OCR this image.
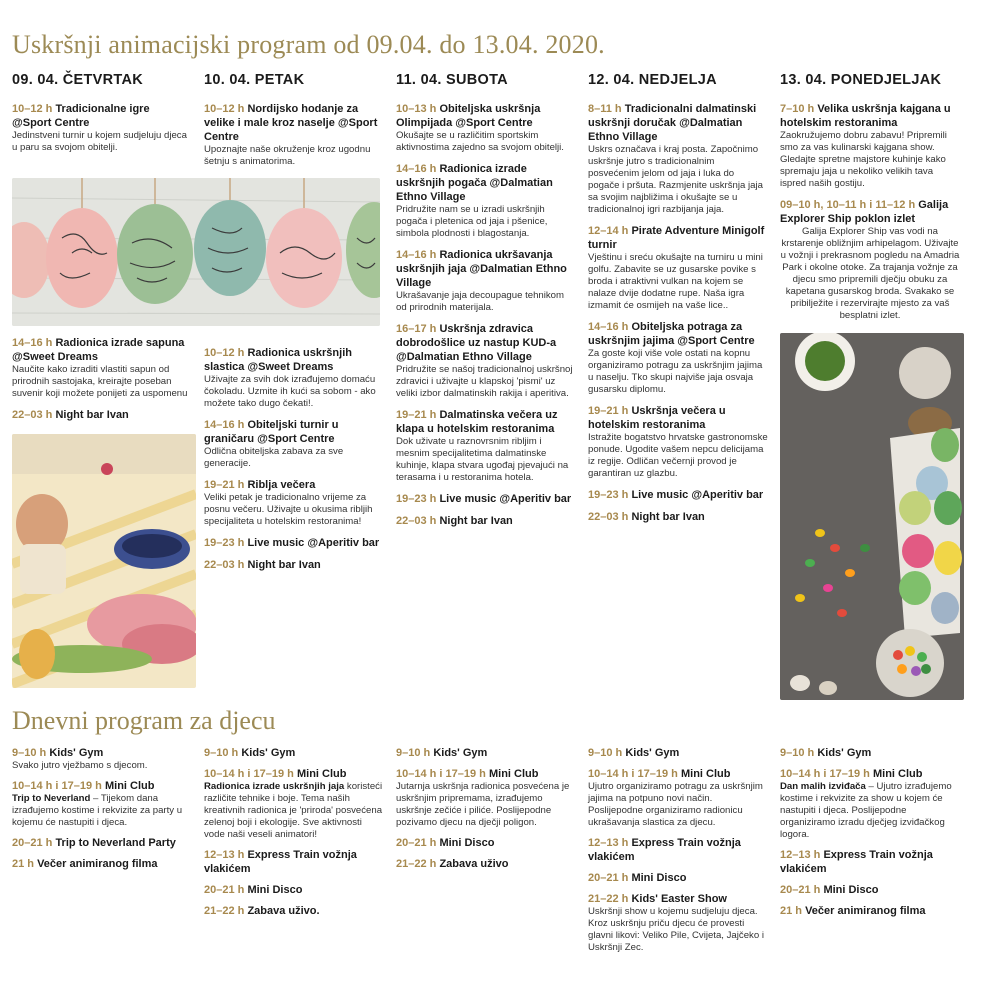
Uskršnji animacijski program od 09.04. do 13.04. 2020.
09. 04. ČETVRTAK
10–12 h Tradicionalne igre @Sport Centre
Jedinstveni turnir u kojem sudjeluju djeca u paru sa svojom obitelji.
14–16 h Radionica izrade sapuna @Sweet Dreams
Naučite kako izraditi vlastiti sapun od prirodnih sastojaka, kreirajte poseban suvenir koji možete ponijeti za uspomenu
22–03 h Night bar Ivan
10. 04. PETAK
10–12 h Nordijsko hodanje za velike i male kroz naselje @Sport Centre
Upoznajte naše okruženje kroz ugodnu šetnju s animatorima.
10–12 h Radionica uskršnjih slastica @Sweet Dreams
Uživajte za svih dok izrađujemo domaću čokoladu. Uzmite ih kući sa sobom - ako možete tako dugo čekati!.
14–16 h Obiteljski turnir u graničaru @Sport Centre
Odlična obiteljska zabava za sve generacije.
19–21 h Riblja večera
Veliki petak je tradicionalno vrijeme za posnu večeru. Uživajte u okusima ribljih specijaliteta u hotelskim restoranima!
19–23 h Live music @Aperitiv bar
22–03 h Night bar Ivan
11. 04. SUBOTA
10–13 h Obiteljska uskršnja Olimpijada @Sport Centre
Okušajte se u različitim sportskim aktivnostima zajedno sa svojom obitelji.
14–16 h Radionica izrade uskršnjih pogača @Dalmatian Ethno Village
Pridružite nam se u izradi uskršnjih pogača i pletenica od jaja i pšenice, simbola plodnosti i blagostanja.
14–16 h Radionica ukršavanja uskršnjih jaja @Dalmatian Ethno Village
Ukrašavanje jaja decoupague tehnikom od prirodnih materijala.
16–17 h Uskršnja zdravica dobrodošlice uz nastup KUD-a @Dalmatian Ethno Village
Pridružite se našoj tradicionalnoj uskršnoj zdravici i uživajte u klapskoj 'pismi' uz veliki izbor dalmatinskih rakija i aperitiva.
19–21 h Dalmatinska večera uz klapa u hotelskim restoranima
Dok uživate u raznovrsnim ribljim i mesnim specijalitetima dalmatinske kuhinje, klapa stvara ugođaj pjevajući na terasama i u restoranima hotela.
19–23 h Live music @Aperitiv bar
22–03 h Night bar Ivan
12. 04. NEDJELJA
8–11 h Tradicionalni dalmatinski uskršnji doručak @Dalmatian Ethno Village
Uskrs označava i kraj posta. Započnimo uskršnje jutro s tradicionalnim posvećenim jelom od jaja i luka do pogače i pršuta. Razmjenite uskršnja jaja sa svojim najbližima i okušajte se u tradicionalnoj igri razbijanja jaja.
12–14 h Pirate Adventure Minigolf turnir
Vještinu i sreću okušajte na turniru u mini golfu. Zabavite se uz gusarske povike s broda i atraktivni vulkan na kojem se nalaze dvije dodatne rupe. Naša igra izmamit će osmijeh na vaše lice..
14–16 h Obiteljska potraga za uskršnjim jajima @Sport Centre
Za goste koji više vole ostati na kopnu organiziramo potragu za uskršnjim jajima u naselju. Tko skupi najviše jaja osvaja gusarsku diplomu.
19–21 h Uskršnja večera u hotelskim restoranima
Istražite bogatstvo hrvatske gastronomske ponude. Ugodite vašem nepcu delicijama iz regije. Odličan večernji provod je garantiran uz glazbu.
19–23 h Live music @Aperitiv bar
22–03 h Night bar Ivan
13. 04. PONEDJELJAK
7–10 h Velika uskršnja kajgana u hotelskim restoranima
Zaokružujemo dobru zabavu! Pripremili smo za vas kulinarski kajgana show. Gledajte spretne majstore kuhinje kako spremaju jaja u nekoliko velikih tava ispred naših gostiju.
09–10 h, 10–11 h i 11–12 h Galija Explorer Ship poklon izlet
Galija Explorer Ship vas vodi na krstarenje obližnjim arhipelagom. Uživajte u vožnji i prekrasnom pogledu na Amadria Park i okolne otoke. Za trajanja vožnje za djecu smo pripremili dječju obuku za kapetana gusarskog broda. Svakako se pribilježite i rezervirajte mjesto za vaš besplatni izlet.
Dnevni program za djecu
9–10 h Kids' Gym
Svako jutro vježbamo s djecom.
10–14 h i 17–19 h Mini Club
Trip to Neverland – Tijekom dana izrađujemo kostime i rekvizite za party u kojemu će nastupiti i djeca.
20–21 h Trip to Neverland Party
21 h Večer animiranog filma
9–10 h Kids' Gym
10–14 h i 17–19 h Mini Club
Radionica izrade uskršnjih jaja koristeći različite tehnike i boje. Tema naših kreativnih radionica je 'priroda' posvećena zelenoj boji i ekologije. Sve aktivnosti vode naši veseli animatori!
12–13 h Express Train vožnja vlakićem
20–21 h Mini Disco
21–22 h Zabava uživo.
9–10 h Kids' Gym
10–14 h i 17–19 h Mini Club
Jutarnja uskršnja radionica posvećena je uskršnjim pripremama, izrađujemo uskršnje zečiće i piliće. Poslijepodne pozivamo djecu na dječji poligon.
20–21 h Mini Disco
21–22 h Zabava uživo
9–10 h Kids' Gym
10–14 h i 17–19 h Mini Club
Ujutro organiziramo potragu za uskršnjim jajima na potpuno novi način. Poslijepodne organiziramo radionicu ukrašavanja slastica za djecu.
12–13 h Express Train vožnja vlakićem
20–21 h Mini Disco
21–22 h Kids' Easter Show
Uskršnji show u kojemu sudjeluju djeca. Kroz uskršnju priču djecu će provesti glavni likovi: Veliko Pile, Cvijeta, Jajčeko i Uskršnji Zec.
9–10 h Kids' Gym
10–14 h i 17–19 h Mini Club
Dan malih izviđača – Ujutro izrađujemo kostime i rekvizite za show u kojem će nastupiti i djeca. Poslijepodne organiziramo izradu dječjeg izviđačkog logora.
12–13 h Express Train vožnja vlakićem
20–21 h Mini Disco
21 h Večer animiranog filma
